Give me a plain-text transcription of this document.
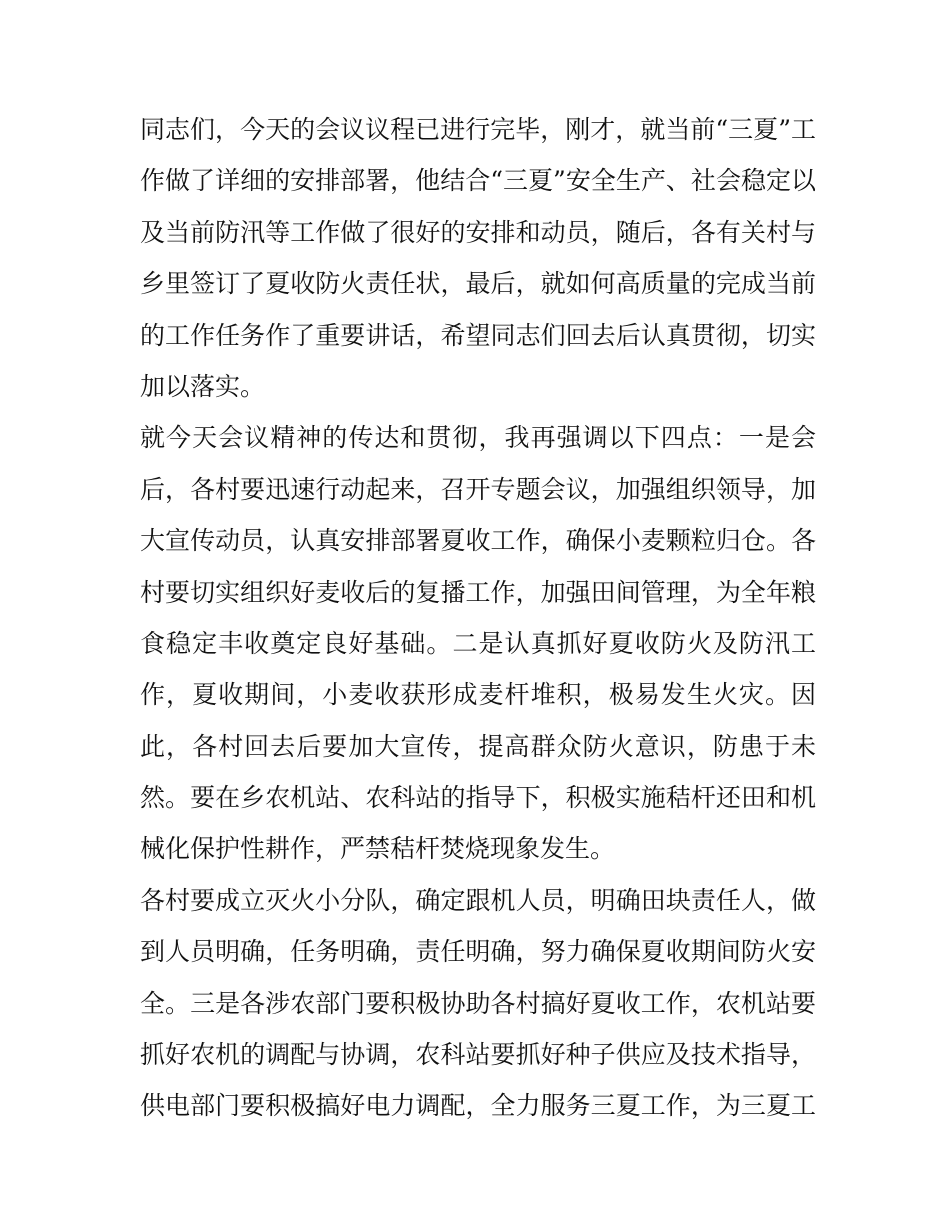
同志们，今天的会议议程已进行完毕，刚才，就当前“三夏”工
作做了详细的安排部署，他结合“三夏”安全生产、社会稳定以
及当前防汛等工作做了很好的安排和动员，随后，各有关村与
乡里签订了夏收防火责任状，最后，就如何高质量的完成当前
的工作任务作了重要讲话，希望同志们回去后认真贯彻，切实
加以落实。
就今天会议精神的传达和贯彻，我再强调以下四点：一是会
后，各村要迅速行动起来，召开专题会议，加强组织领导，加
大宣传动员，认真安排部署夏收工作，确保小麦颗粒归仓。各
村要切实组织好麦收后的复播工作，加强田间管理，为全年粮
食稳定丰收奠定良好基础。二是认真抓好夏收防火及防汛工
作，夏收期间，小麦收获形成麦杆堆积，极易发生火灾。因
此，各村回去后要加大宣传，提高群众防火意识，防患于未
然。要在乡农机站、农科站的指导下，积极实施秸杆还田和机
械化保护性耕作，严禁秸杆焚烧现象发生。
各村要成立灭火小分队，确定跟机人员，明确田块责任人，做
到人员明确，任务明确，责任明确，努力确保夏收期间防火安
全。三是各涉农部门要积极协助各村搞好夏收工作，农机站要
抓好农机的调配与协调，农科站要抓好种子供应及技术指导，
供电部门要积极搞好电力调配，全力服务三夏工作，为三夏工
